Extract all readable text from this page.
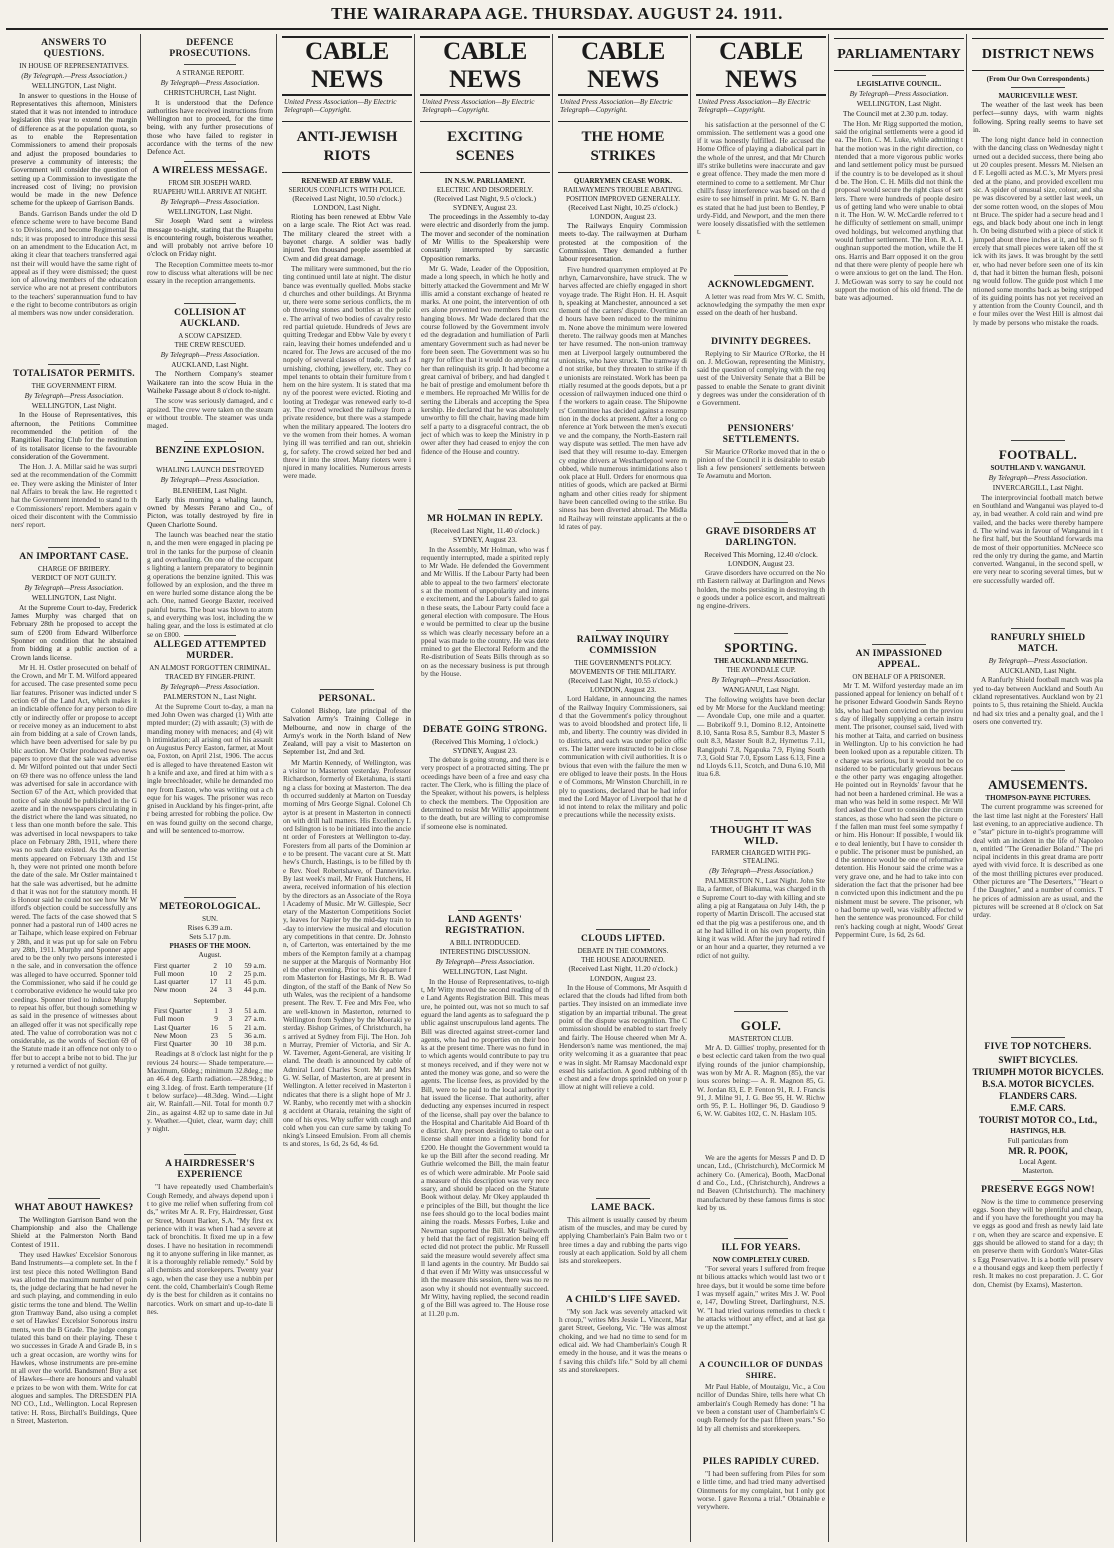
THE WAIRARAPA AGE. THURSDAY. AUGUST 24. 1911.
ANSWERS TO QUESTIONS.
IN HOUSE OF REPRESENTATIVES.
(By Telegraph.—Press Association.)
WELLINGTON, Last Night.
In answer to questions in the House of Representatives this afternoon, Ministers stated that it was not intended to introduce legislation this year to extend the margin of difference as at the population quota, so as to enable the Representation Commissioners to amend their proposals and adjust the proposed boundaries to preserve a community of interests; the Government will consider the question of setting up a Commission to investigate the increased cost of living; no provision would be made in the new Defence scheme for the upkeep of Garrison Bands.
Bands. Garrison Bands under the old Defence scheme were to have become Bands to Divisions, and become Regimental Bands; it was proposed to introduce this session an amendment to the Education Act, making it clear that teachers transferred against their will would have the same right of appeal as if they were dismissed; the question of allowing members of the education service who are not at present contributors to the teachers' superannuation fund to have the right to become contributors as original members was now under consideration.
TOTALISATOR PERMITS.
THE GOVERNMENT FIRM.
By Telegraph—Press Association.
WELLINGTON, Last Night.
In the House of Representatives, this afternoon, the Petitions Committee recommended the petition of the Rangitikei Racing Club for the restitution of its totalisator license to the favourable consideration of the Government.
The Hon. J. A. Millar said he was surprised at the recommendation of the Committee. They were asking the Minister of Internal Affairs to break the law. He regretted that the Government intended to stand to the Commissioners' report. Members again voiced their discontent with the Commissioners' report.
AN IMPORTANT CASE.
CHARGE OF BRIBERY.
VERDICT OF NOT GUILTY.
By Telegraph—Press Association.
WELLINGTON, Last Night.
At the Supreme Court to-day, Frederick James Murphy was charged that on February 28th he proposed to accept the sum of £200 from Edward Wilberforce Sponner on condition that he abstained from bidding at a public auction of a Crown lands license.
Mr H. H. Ostler prosecuted on behalf of the Crown, and Mr T. M. Wilford appeared for accused. The case presented some peculiar features. Prisoner was indicted under Section 69 of the Land Act, which makes it an indictable offence for any person to directly or indirectly offer or propose to accept or receive money as an inducement to abstain from bidding at a sale of Crown lands, which have been advertised for sale by public auction. Mr Ostler produced two newspapers to prove that the sale was advertised. Mr Wilford pointed out that under Section 69 there was no offence unless the land was advertised for sale in accordance with Section 67 of the Act, which provided that notice of sale should be published in the Gazette and in the newspapers circulating in the district where the land was situated, not less than one month before the sale. This was advertised in local newspapers to take place on February 28th, 1911, where there was no such date existed. As the advertisements appeared on February 13th and 15th, they were not printed one month before the date of the sale. Mr Ostler maintained that the sale was advertised, but he admitted that it was not for the statutory month. His Honour said he could not see how Mr Wilford's objection could be successfully answered. The facts of the case showed that Sponner had a pastoral run of 1400 acres near Taihape, which lease expired on February 28th, and it was put up for sale on February 28th, 1911. Murphy and Sponner appeared to be the only two persons interested in the sale, and in conversation the offence was alleged to have occurred. Sponner told the Commissioner, who said if he could get corroborative evidence he would take proceedings. Sponner tried to induce Murphy to repeat his offer, but though something was said in the presence of witnesses about an alleged offer it was not specifically repeated. The value of corroboration was not considerable, as the words of Section 69 of the Statute made it an offence not only to offer but to accept a bribe not to bid. The jury returned a verdict of not guilty.
WHAT ABOUT HAWKES?
The Wellington Garrison Band won the Championship and also the Challenge Shield at the Palmerston North Band Contest of 1911.
They used Hawkes' Excelsior Sonorous Band Instruments—a complete set. In the first test piece this noted Wellington Band was allotted the maximum number of points, the judge declaring that he had never heard such playing, and commending in eulogistic terms the tone and blend. The Wellington Tramway Band, also using a complete set of Hawkes' Excelsior Sonorous instruments, won the B Grade. The judge congratulated this band on their playing. These two successes in Grade A and Grade B, in such a great occasion, are worthy wins for Hawkes, whose instruments are pre-eminent all over the world. Bandsmen! Buy a set of Hawkes—there are honours and valuable prizes to be won with them. Write for catalogues and samples. The DRESDEN PIANO CO., Ltd., Wellington. Local Representative: H. Ross, Birchall's Buildings, Queen Street, Masterton.
DEFENCE PROSECUTIONS.
A STRANGE REPORT.
By Telegraph—Press Association.
CHRISTCHURCH, Last Night.
It is understood that the Defence authorities have received instructions from Wellington not to proceed, for the time being, with any further prosecutions of those who have failed to register in accordance with the terms of the new Defence Act.
A WIRELESS MESSAGE.
FROM SIR JOSEPH WARD.
RUAPEHU WILL ARRIVE AT NIGHT.
By Telegraph—Press Association.
WELLINGTON, Last Night.
Sir Joseph Ward sent a wireless message to-night, stating that the Ruapehu is encountering rough, boisterous weather, and will probably not arrive before 10 o'clock on Friday night.
The Reception Committee meets to-morrow to discuss what alterations will be necessary in the reception arrangements.
COLLISION AT AUCKLAND.
A SCOW CAPSIZED.
THE CREW RESCUED.
By Telegraph—Press Association.
AUCKLAND, Last Night.
The Northern Company's steamer Waikatere ran into the scow Huia in the Waiheke Passage about 8 o'clock to-night.
The scow was seriously damaged, and capsized. The crew were taken on the steamer without trouble. The steamer was undamaged.
BENZINE EXPLOSION.
WHALING LAUNCH DESTROYED
By Telegraph—Press Association.
BLENHEIM, Last Night.
Early this morning a whaling launch, owned by Messrs Perano and Co., of Picton, was totally destroyed by fire in Queen Charlotte Sound.
The launch was beached near the station, and the men were engaged in placing petrol in the tanks for the purpose of cleaning and overhauling. On one of the occupants lighting a lantern preparatory to beginning operations the benzine ignited. This was followed by an explosion, and the three men were hurled some distance along the beach. One, named George Baxter, received painful burns. The boat was blown to atoms, and everything was lost, including the whaling gear, and the loss is estimated at close on £800.
ALLEGED ATTEMPTED MURDER.
AN ALMOST FORGOTTEN CRIMINAL.
TRACED BY FINGER-PRINT.
By Telegraph—Press Association.
PALMERSTON N., Last Night.
At the Supreme Court to-day, a man named John Owen was charged (1) With attempted murder; (2) with assault; (3) with demanding money with menaces; and (4) with intimidation; all arising out of his assault on Augustus Percy Easton, farmer, at Moutoa, Foxton, on April 21st, 1906. The accused is alleged to have threatened Easton with a knife and axe, and fired at him with a single breechloader, while he demanded money from Easton, who was writing out a cheque for his wages. The prisoner was recognised in Auckland by his finger-print, after being arrested for robbing the police. Owen was found guilty on the second charge, and will be sentenced to-morrow.
METEOROLOGICAL.
SUN.
Rises 6.39 a.m.
Sets 5.17 p.m.
PHASES OF THE MOON.
August.
First quarter	2	10	59 a.m.
Full moon	10	2	25 p.m.
Last quarter	17	11	45 p.m.
New moon	24	3	44 p.m.
September.
First Quarter	1	3	51 a.m.
Full moon	9	3	27 a.m.
Last Quarter	16	5	21 a.m.
New Moon	23	5	36 a.m.
First Quarter	30	10	38 p.m.
Readings at 8 o'clock last night for the previous 24 hours:— Shade temperature.—Maximum, 60deg.; minimum 32.8deg.; mean 46.4 deg. Earth radiation.—28.9deg.; being 3.1deg. of frost. Earth temperature (1ft below surface)—48.3deg. Wind.—Light air, W. Rainfall.—Nil. Total for month 0.72in., as against 4.82 up to same date in July. Weather.—Quiet, clear, warm day; chilly night.
A HAIRDRESSER'S EXPERIENCE
"I have repeatedly used Chamberlain's Cough Remedy, and always depend upon it to give me relief when suffering from colds," writes Mr A. R. Fry, Hairdresser, Guster Street, Mount Barker, S.A. "My first experience with it was when I had a severe attack of bronchitis. It fixed me up in a few doses. I have no hesitation in recommending it to anyone suffering in like manner, as it is a thoroughly reliable remedy." Sold by all chemists and storekeepers. Twenty years ago, when the case they use a nubbin per cent. the cold, Chamberlain's Cough Remedy is the best for children as it contains no narcotics. Work on smart and up-to-date lines.
CABLE NEWS
United Press Association—By Electric Telegraph—Copyright.
ANTI-JEWISH RIOTS
RENEWED AT EBBW VALE.
SERIOUS CONFLICTS WITH POLICE.
(Received Last Night, 10.50 o'clock.)
LONDON, Last Night.
Rioting has been renewed at Ebbw Vale on a large scale. The Riot Act was read. The military cleared the street with a bayonet charge. A soldier was badly injured. Ten thousand people assembled at Cwm and did great damage.
The military were summoned, but the rioting continued until late at night. The disturbance was eventually quelled. Mobs stacked churches and other buildings. At Brynmaur, there were some serious conflicts, the mob throwing stones and bottles at the police. The arrival of two bodies of cavalry restored partial quietude. Hundreds of Jews are quitting Tredegar and Ebbw Vale by every train, leaving their homes undefended and uncared for. The Jews are accused of the monopoly of several classes of trade, such as furnishing, clothing, jewellery, etc. They compel tenants to obtain their furniture from them on the hire system. It is stated that many of the poorest were evicted. Rioting and looting at Tredegar was renewed early to-day. The crowd wrecked the railway from a private residence, but there was a stampede when the military appeared. The looters drove the women from their homes. A woman lying ill was terrified and ran out, shrieking, for safety. The crowd seized her bed and threw it into the street. Many rioters were injured in many localities. Numerous arrests were made.
PERSONAL.
Colonel Bishop, late principal of the Salvation Army's Training College in Melbourne, and now in charge of the Army's work in the North Island of New Zealand, will pay a visit to Masterton on September 1st, 2nd and 3rd.
Mr Martin Kennedy, of Wellington, was a visitor to Masterton yesterday. Professor Richardson, formerly of Eketahuna, is starting a class for boxing at Masterton. The death occurred suddenly at Marton on Tuesday morning of Mrs George Signal. Colonel Chaytor is at present in Masterton in connection with drill hall matters. His Excellency Lord Islington is to be initiated into the ancient order of Foresters at Wellington to-day. Foresters from all parts of the Dominion are to be present. The vacant cure at St. Matthew's Church, Hastings, is to be filled by the Rev. Noel Robertshawe, of Dannevirke. By last week's mail, Mr Frank Hutchens, Hawera, received information of his election by the directors as an Associate of the Royal Academy of Music. Mr W. Gillespie, Secretary of the Masterton Competitions Society, leaves for Napier by the mid-day train to-day to interview the musical and elocutionary competitions in that centre. Dr. Johnston, of Carterton, was entertained by the members of the Kempton family at a champagne supper at the Marquis of Normanby Hotel the other evening. Prior to his departure from Masterton for Hastings, Mr R. B. Waddington, of the staff of the Bank of New South Wales, was the recipient of a handsome present. The Rev. T. Fee and Mrs Fee, who are well-known in Masterton, returned to Wellington from Sydney by the Moeraki yesterday. Bishop Grimes, of Christchurch, has arrived at Sydney from Fiji. The Hon. John Murray, Premier of Victoria, and Sir A. W. Taverner, Agent-General, are visiting Ireland. The death is announced by cable of Admiral Lord Charles Scott. Mr and Mrs G. W. Sellar, of Masterton, are at present in Wellington. A letter received in Masterton indicates that there is a slight hope of Mr J. W. Ranby, who recently met with a shocking accident at Otaraia, retaining the sight of one of his eyes. Why suffer with cough and cold when you can cure same by taking Tonking's Linseed Emulsion. From all chemists and stores, 1s 6d, 2s 6d, 4s 6d.
CABLE NEWS
United Press Association—By Electric Telegraph—Copyright.
EXCITING SCENES
IN N.S.W. PARLIAMENT.
ELECTRIC AND DISORDERLY.
(Received Last Night, 9.5 o'clock.)
SYDNEY, August 23.
The proceedings in the Assembly to-day were electric and disorderly from the jump. The mover and seconder of the nomination of Mr Willis to the Speakership were constantly interrupted by sarcastic Opposition remarks.
Mr G. Wade, Leader of the Opposition, made a long speech, in which he hotly and bitterly attacked the Government and Mr Willis amid a constant exchange of heated remarks. At one point, the intervention of others alone prevented two members from exchanging blows. Mr Wade declared that the course followed by the Government involved the degradation and humiliation of Parliamentary Government such as had never before been seen. The Government was so hungry for office that it would do anything rather than relinquish its grip. It had become a great carnival of bribery, and had dangled the bait of prestige and emolument before the members. He reproached Mr Willis for deserting the Liberals and accepting the Speakership. He declared that he was absolutely unworthy to fill the chair, having made himself a party to a disgraceful contract, the object of which was to keep the Ministry in power after they had ceased to enjoy the confidence of the House and country.
MR HOLMAN IN REPLY.
(Received Last Night, 11.40 o'clock.)
SYDNEY, August 23.
In the Assembly, Mr Holman, who was frequently interrupted, made a spirited reply to Mr Wade. He defended the Government and Mr Willis. If the Labour Party had been able to appeal to the two farmers' electorates at the moment of unpopularity and intense excitement, and the Labour's failed to gain these seats, the Labour Party could face a general election with composure. The House would be permitted to clear up the business which was clearly necessary before an appeal was made to the country. He was determined to get the Electoral Reform and the Re-distribution of Seats Bills through as soon as the necessary business is put through by the House.
DEBATE GOING STRONG.
(Received This Morning, 1 o'clock.)
SYDNEY, August 23.
The debate is going strong, and there is every prospect of a protracted sitting. The proceedings have been of a free and easy character. The Clerk, who is filling the place of the Speaker, without his powers, is helpless to check the members. The Opposition are determined to resist Mr Willis' appointment to the death, but are willing to compromise if someone else is nominated.
LAND AGENTS' REGISTRATION.
A BILL INTRODUCED.
INTERESTING DISCUSSION.
By Telegraph—Press Association.
WELLINGTON, Last Night.
In the House of Representatives, to-night, Mr Witty moved the second reading of the Land Agents Registration Bill. This measure, he pointed out, was not so much to safeguard the land agents as to safeguard the public against unscrupulous land agents. The Bill was directed against street-corner land agents, who had no properties on their books at the present time. There was no fund into which agents would contribute to pay trust moneys received, and if they were not wanted the money was gone, and so were the agents. The license fees, as provided by the Bill, were to be paid to the local authority that issued the license. That authority, after deducting any expenses incurred in respect of the license, shall pay over the balance to the Hospital and Charitable Aid Board of the district. Any person desiring to take out a license shall enter into a fidelity bond for £200. He thought the Government would take up the Bill after the second reading. Mr Guthrie welcomed the Bill, the main features of which were admirable. Mr Poole said a measure of this description was very necessary, and should be placed on the Statute Book without delay. Mr Okey applauded the principles of the Bill, but thought the license fees should go to the local bodies maintaining the roads. Messrs Forbes, Luke and Newman supported the Bill. Mr Stallworthy held that the fact of registration being effected did not protect the public. Mr Russell said the measure would severely affect small land agents in the country. Mr Buddo said that even if Mr Witty was unsuccessful with the measure this session, there was no reason why it should not eventually succeed. Mr Witty, having replied, the second reading of the Bill was agreed to. The House rose at 11.20 p.m.
CABLE NEWS
United Press Association—By Electric Telegraph—Copyright.
THE HOME STRIKES
QUARRYMEN CEASE WORK.
RAILWAYMEN'S TROUBLE ABATING.
POSITION IMPROVED GENERALLY.
(Received Last Night, 10.25 o'clock.)
LONDON, August 23.
The Railways Enquiry Commission meets to-day. The railwaymen at Durham protested at the composition of the Commission. They demanded a further labour representation.
Five hundred quarrymen employed at Penrhyn, Carnarvonshire, have struck. The wharves affected are chiefly engaged in short voyage trade. The Right Hon. H. H. Asquith, speaking at Manchester, announced a settlement of the carters' dispute. Overtime and hours have been reduced to the minimum. None above the minimum were lowered thereto. The railway goods men at Manchester have resumed. The non-union tramwaymen at Liverpool largely outnumbered the unionists, who have struck. The tramway did not strike, but they threaten to strike if the unionists are reinstated. Work has been partially resumed at the goods depots, but a procession of railwaymen induced one third of the workers to again cease. The Shipowners' Committee has decided against a resumption in the docks at present. After a long conference at York between the men's executive and the company, the North-Eastern railway dispute was settled. The men have advised that they will resume to-day. Emergency engine drivers at Westhartlepool were mobbed, while numerous intimidations also took place at Hull. Orders for enormous quantities of goods, which are packed at Birmingham and other cities ready for shipment have been cancelled owing to the strike. Business has been diverted abroad. The Midland Railway will reinstate applicants at the old rates of pay.
RAILWAY INQUIRY COMMISSION
THE GOVERNMENT'S POLICY.
MOVEMENTS OF THE MILITARY.
(Received Last Night, 10.55 o'clock.)
LONDON, August 23.
Lord Haldane, in announcing the names of the Railway Inquiry Commissioners, said that the Government's policy throughout was to avoid bloodshed and protect life, limb, and liberty. The country was divided into districts, and each was under police officers. The latter were instructed to be in close communication with civil authorities. It is obvious that even with the failure the men were obliged to leave their posts. In the House of Commons, Mr Winston Churchill, in reply to questions, declared that he had informed the Lord Mayor of Liverpool that he did not intend to relax the military and police precautions while the necessity exists.
CLOUDS LIFTED.
DEBATE IN THE COMMONS.
THE HOUSE ADJOURNED.
(Received Last Night, 11.20 o'clock.)
LONDON, August 23.
In the House of Commons, Mr Asquith declared that the clouds had lifted from both parties. They insisted on an immediate investigation by an impartial tribunal. The great point of the dispute was recognition. The Commission should be enabled to start freely and fairly. The House cheered when Mr A. Henderson's name was mentioned, the majority welcoming it as a guarantee that peace was in sight. Mr Ramsay Macdonald expressed his satisfaction. A good rubbing of the chest and a few drops sprinkled on your pillow at night will relieve a cold.
LAME BACK.
This ailment is usually caused by rheumatism of the muscles, and may be cured by applying Chamberlain's Pain Balm two or three times a day and rubbing the parts vigorously at each application. Sold by all chemists and storekeepers.
A CHILD'S LIFE SAVED.
"My son Jack was severely attacked with croup," writes Mrs Jessie L. Vincent, Margaret Street, Geelong, Vic. "He was almost choking, and we had no time to send for medical aid. We had Chamberlain's Cough Remedy in the house, and it was the means of saving this child's life." Sold by all chemists and storekeepers.
CABLE NEWS
United Press Association—By Electric Telegraph—Copyright.
his satisfaction at the personnel of the Commission. The settlement was a good one if it was honestly fulfilled. He accused the Home Office of playing a diabolical part in the whole of the unrest, and that Mr Churchill's strike bulletins were inaccurate and gave great offence. They made the men more determined to come to a settlement. Mr Churchill's fussy interference was based on the desire to see himself in print. Mr G. N. Barnes stated that he had just been to Bentley, Purdy-Fidd, and Newport, and the men there were loosely dissatisfied with the settlement.
ACKNOWLEDGMENT.
A letter was read from Mrs W. C. Smith, acknowledging the sympathy the men expressed on the death of her husband.
DIVINITY DEGREES.
Replying to Sir Maurice O'Rorke, the Hon. J. McGowan, representing the Ministry, said the question of complying with the request of the University Senate that a Bill be passed to enable the Senate to grant divinity degrees was under the consideration of the Government.
PENSIONERS' SETTLEMENTS.
Sir Maurice O'Rorke moved that in the opinion of the Council it is desirable to establish a few pensioners' settlements between Te Awamutu and Morton.
GRAVE DISORDERS AT DARLINGTON.
Received This Morning, 12.40 o'clock.
LONDON, August 23.
Grave disorders have occurred on the North Eastern railway at Darlington and Newsholden, the mobs persisting in destroying the goods under a police escort, and maltreating engine-drivers.
SPORTING.
THE AUCKLAND MEETING.
THE AVONDALE CUP.
By Telegraph—Press Association.
WANGANUI, Last Night.
The following weights have been declared by Mr Morse for the Auckland meeting:— Avondale Cup, one mile and a quarter.— Bobrikoff 9.1, Domino 8.12, Antoinette 8.10, Santa Rosa 8.5, Sambur 8.3, Master Soult 8.3, Master Soult 8.2, Hymettus 7.11, Rangipuhi 7.8, Ngapuka 7.9, Flying South 7.3, Gold Star 7.0, Epsom Lass 6.13, Fine and Lloyds 6.11, Scotch, and Duna 6.10, Militua 6.8.
THOUGHT IT WAS WILD.
FARMER CHARGED WITH PIG-STEALING.
(By Telegraph—Press Association.)
PALMERSTON N., Last Night. John Stella, a farmer, of Biakuma, was charged in the Supreme Court to-day with killing and stealing a pig at Rangataua on July 14th, the property of Martin Driscoll. The accused stated that the pig was a pestiferous one, and that he had killed it on his own property, thinking it was wild. After the jury had retired for an hour and a quarter, they returned a verdict of not guilty.
GOLF.
MASTERTON CLUB.
Mr A. D. Gillies' trophy, presented for the best eclectic card taken from the two qualifying rounds of the junior championship, was won by Mr A. R. Magnon (85), the various scores being:— A. R. Magnon 85, G. W. Jordan 83, E. P. Fenton 91, R. J. Francis 91, J. Milne 91, J. G. Bee 95, H. W. Richworth 95, P. L. Hollinger 96, D. Gaudioso 96, W. W. Gabites 102, C. N. Haslam 105.
We are the agents for Messrs P and D. Duncan, Ltd., (Christchurch), McCormick Machinery Co. (America), Booth, MacDonald and Co., Ltd., (Christchurch), Andrews and Beaven (Christchurch). The machinery manufactured by these famous firms is stocked by us.
ILL FOR YEARS.
NOW COMPLETELY CURED.
"For several years I suffered from frequent bilious attacks which would last two or three days, but it would be some time before I was myself again," writes Mrs J. W. Poole, 147, Dowling Street, Darlinghurst, N.S.W. "I had tried various remedies to check the attacks without any effect, and at last gave up the attempt."
A COUNCILLOR OF DUNDAS SHIRE.
Mr Paul Hable, of Moutaigu, Vic., a Councillor of Dundas Shire, tells here what Chamberlain's Cough Remedy has done: "I have been a constant user of Chamberlain's Cough Remedy for the past fifteen years." Sold by all chemists and storekeepers.
PILES RAPIDLY CURED.
"I had been suffering from Piles for some little time, and had tried many advertised Ointments for my complaint, but I only got worse. I gave Rexona a trial." Obtainable everywhere.
PARLIAMENTARY
LEGISLATIVE COUNCIL.
By Telegraph—Press Association.
WELLINGTON, Last Night.
The Council met at 2.30 p.m. today.
The Hon. Mr Rigg supported the motion, said the original settlements were a good idea. The Hon. C. M. Luke, while admitting that the motion was in the right direction, contended that a more vigorous public works and land settlement policy must be pursued if the country is to be developed as it should be. The Hon. C. H. Mills did not think the proposal would secure the right class of settlers. There were hundreds of people desirous of getting land who were unable to obtain it. The Hon. W. W. McCardle referred to the difficulty of settlement on small, unimproved holdings, but welcomed anything that would further settlement. The Hon. R. A. Loughnan supported the motion, while the Hons. Harris and Barr opposed it on the ground that there were plenty of people here who were anxious to get on the land. The Hon. J. McGowan was sorry to say he could not support the motion of his old friend. The debate was adjourned.
AN IMPASSIONED APPEAL.
ON BEHALF OF A PRISONER.
Mr T. M. Wilford yesterday made an impassioned appeal for leniency on behalf of the prisoner Edward Goodwin Sands Reynolds, who had been convicted on the previous day of illegally supplying a certain instrument. The prisoner, counsel said, lived with his mother at Taita, and carried on business in Wellington. Up to his conviction he had been looked upon as a reputable citizen. The charge was serious, but it would not be considered to be particularly grievous because the other party was engaging altogether. He pointed out in Reynolds' favour that he had not been a hardened criminal. He was a man who was held in some respect. Mr Wilford asked the Court to consider the circumstances, as those who had seen the picture of the fallen man must feel some sympathy for him. His Honour: If possible, I would like to deal leniently, but I have to consider the public. The prisoner must be punished, and the sentence would be one of reformative detention. His Honour said the crime was a very grave one, and he had to take into consideration the fact that the prisoner had been convicted upon this indictment and the punishment must be severe. The prisoner, who had borne up well, was visibly affected when the sentence was pronounced. For children's hacking cough at night, Woods' Great Peppermint Cure, 1s 6d, 2s 6d.
DISTRICT NEWS
(From Our Own Correspondents.)
MAURICEVILLE WEST.
The weather of the last week has been perfect—sunny days, with warm nights following. Spring really seems to have set in.
The long night dance held in connection with the dancing class on Wednesday night turned out a decided success, there being about 20 couples present. Messrs M. Nielsen and F. Legolli acted as M.C.'s, Mr Myers presided at the piano, and provided excellent music. A spider of unusual size, colour, and shape was discovered by a settler last week, under some rotten wood, on the slopes of Mount Bruce. The spider had a secure head and legs, and black body about one inch in length. On being disturbed with a piece of stick it jumped about three inches at it, and bit so fiercely that small pieces were taken off the stick with its jaws. It was brought by the settler, who had never before seen one of its kind, that had it bitten the human flesh, poisoning would follow. The guide post which I mentioned some months back as being stripped of its guiding points has not yet received any attention from the County Council, and the four miles over the West Hill is almost daily made by persons who mistake the roads.
FOOTBALL.
SOUTHLAND V. WANGANUI.
By Telegraph—Press Association.
INVERCARGILL, Last Night.
The interprovincial football match between Southland and Wanganui was played to-day, in bad weather. A cold rain and wind prevailed, and the backs were thereby hampered. The wind was in favour of Wanganui in the first half, but the Southland forwards made most of their opportunities. McNeece scored the only try during the game, and Martin converted. Wanganui, in the second spell, were very near to scoring several times, but were successfully warded off.
RANFURLY SHIELD MATCH.
By Telegraph—Press Association.
AUCKLAND, Last Night.
A Ranfurly Shield football match was played to-day between Auckland and South Auckland representatives. Auckland won by 21 points to 5, thus retaining the Shield. Auckland had six tries and a penalty goal, and the losers one converted try.
AMUSEMENTS.
THOMPSON-PAYNE PICTURES.
The current programme was screened for the last time last night at the Foresters' Hall last evening, to an appreciative audience. The "star" picture in to-night's programme will deal with an incident in the life of Napoleon, entitled "The Grenadier Boland." The principal incidents in this great drama are portrayed with vivid force. It is described as one of the most thrilling pictures ever produced. Other pictures are "The Deserters," "Heart of the Daughter," and a number of comics. The prices of admission are as usual, and the pictures will be screened at 8 o'clock on Saturday.
FIVE TOP NOTCHERS.
SWIFT BICYCLES.
TRIUMPH MOTOR BICYCLES.
B.S.A. MOTOR BICYCLES.
FLANDERS CARS.
E.M.F. CARS.
TOURIST MOTOR CO., Ltd.,
HASTINGS, H.B.
Full particulars from
MR. R. POOK,
Local Agent.
Masterton.
PRESERVE EGGS NOW!
Now is the time to commence preserving eggs. Soon they will be plentiful and cheap, and if you have the forethought you may have eggs as good and fresh as newly laid later on, when they are scarce and expensive. Eggs should be allowed to stand for a day; then preserve them with Gordon's Water-Glass Egg Preservative. It is a bottle will preserve a thousand eggs and keep them perfectly fresh. It makes no cost preparation. J. C. Gordon, Chemist (by Exams), Masterton.
